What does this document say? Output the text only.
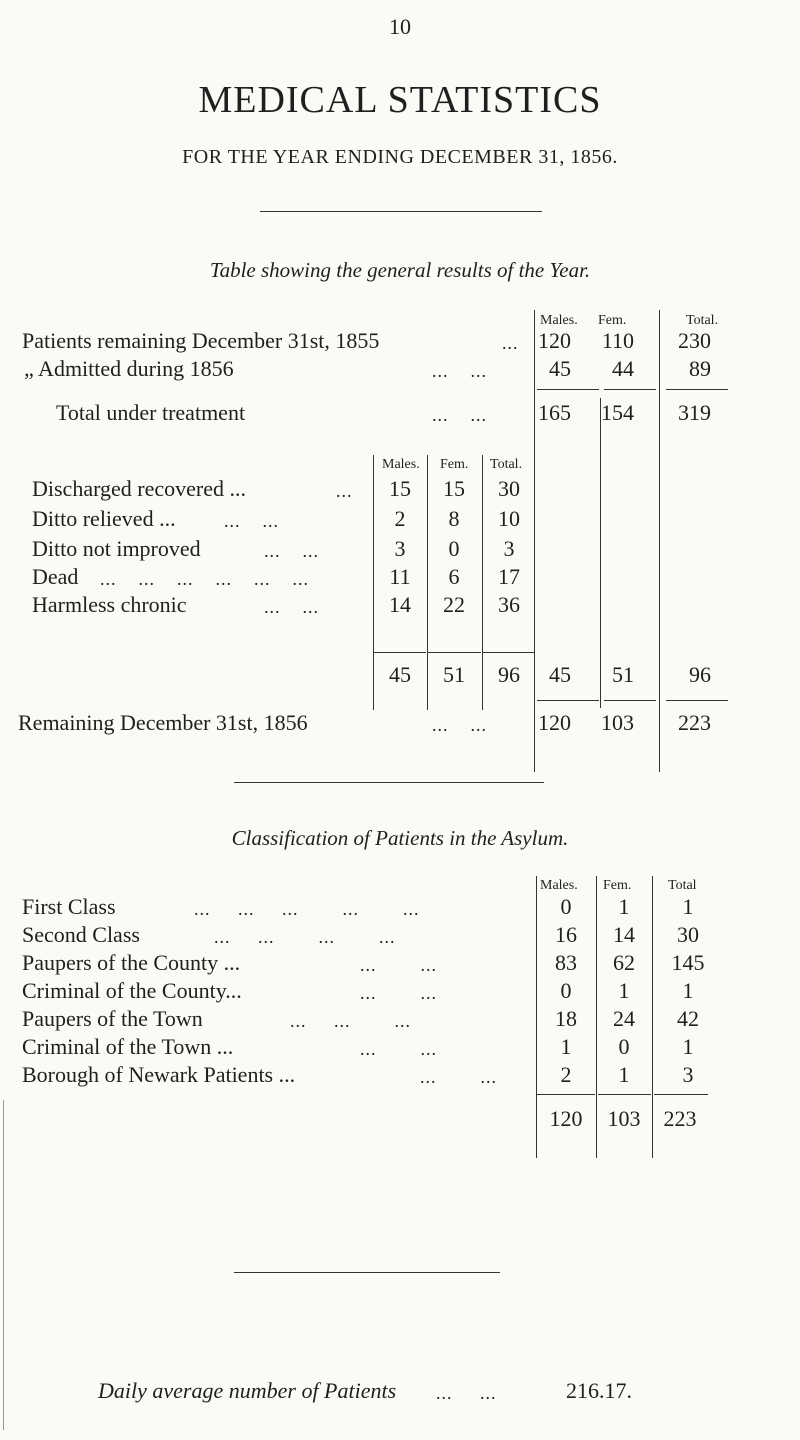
10
MEDICAL STATISTICS
FOR THE YEAR ENDING DECEMBER 31, 1856.
Table showing the general results of the Year.
Males. Fem.	Total.
Patients remaining December 31st, 1855	... 120	110	230
„ Admitted during 1856	...    ...	45	44	89
Total under treatment	...    ...	165	154	319
Males. Fem. Total.
Discharged recovered ...	...	15	15	30
Ditto relieved ...	...    ...	2	8	10
Ditto not improved	...    ...	3	0	3
Dead ...    ...    ...    ...    ...    ...	11	6	17
Harmless chronic	...    ...	14	22	36
45	51	96	45	51	96
Remaining December 31st, 1856	...    ...	120	103	223
Classification of Patients in the Asylum.
Males. Fem.	Total
First Class	...     ...     ...        ...        ...	0	1	1
Second Class	...     ...        ...        ...	16	14	30
Paupers of the County ...	...        ...	83	62	145
Criminal of the County...	...        ...	0	1	1
Paupers of the Town	...     ...        ...	18	24	42
Criminal of the Town ...	...        ...	1	0	1
Borough of Newark Patients ...	...        ...	2	1	3
120	103	223
Daily average number of Patients ...     ...	216.17.
